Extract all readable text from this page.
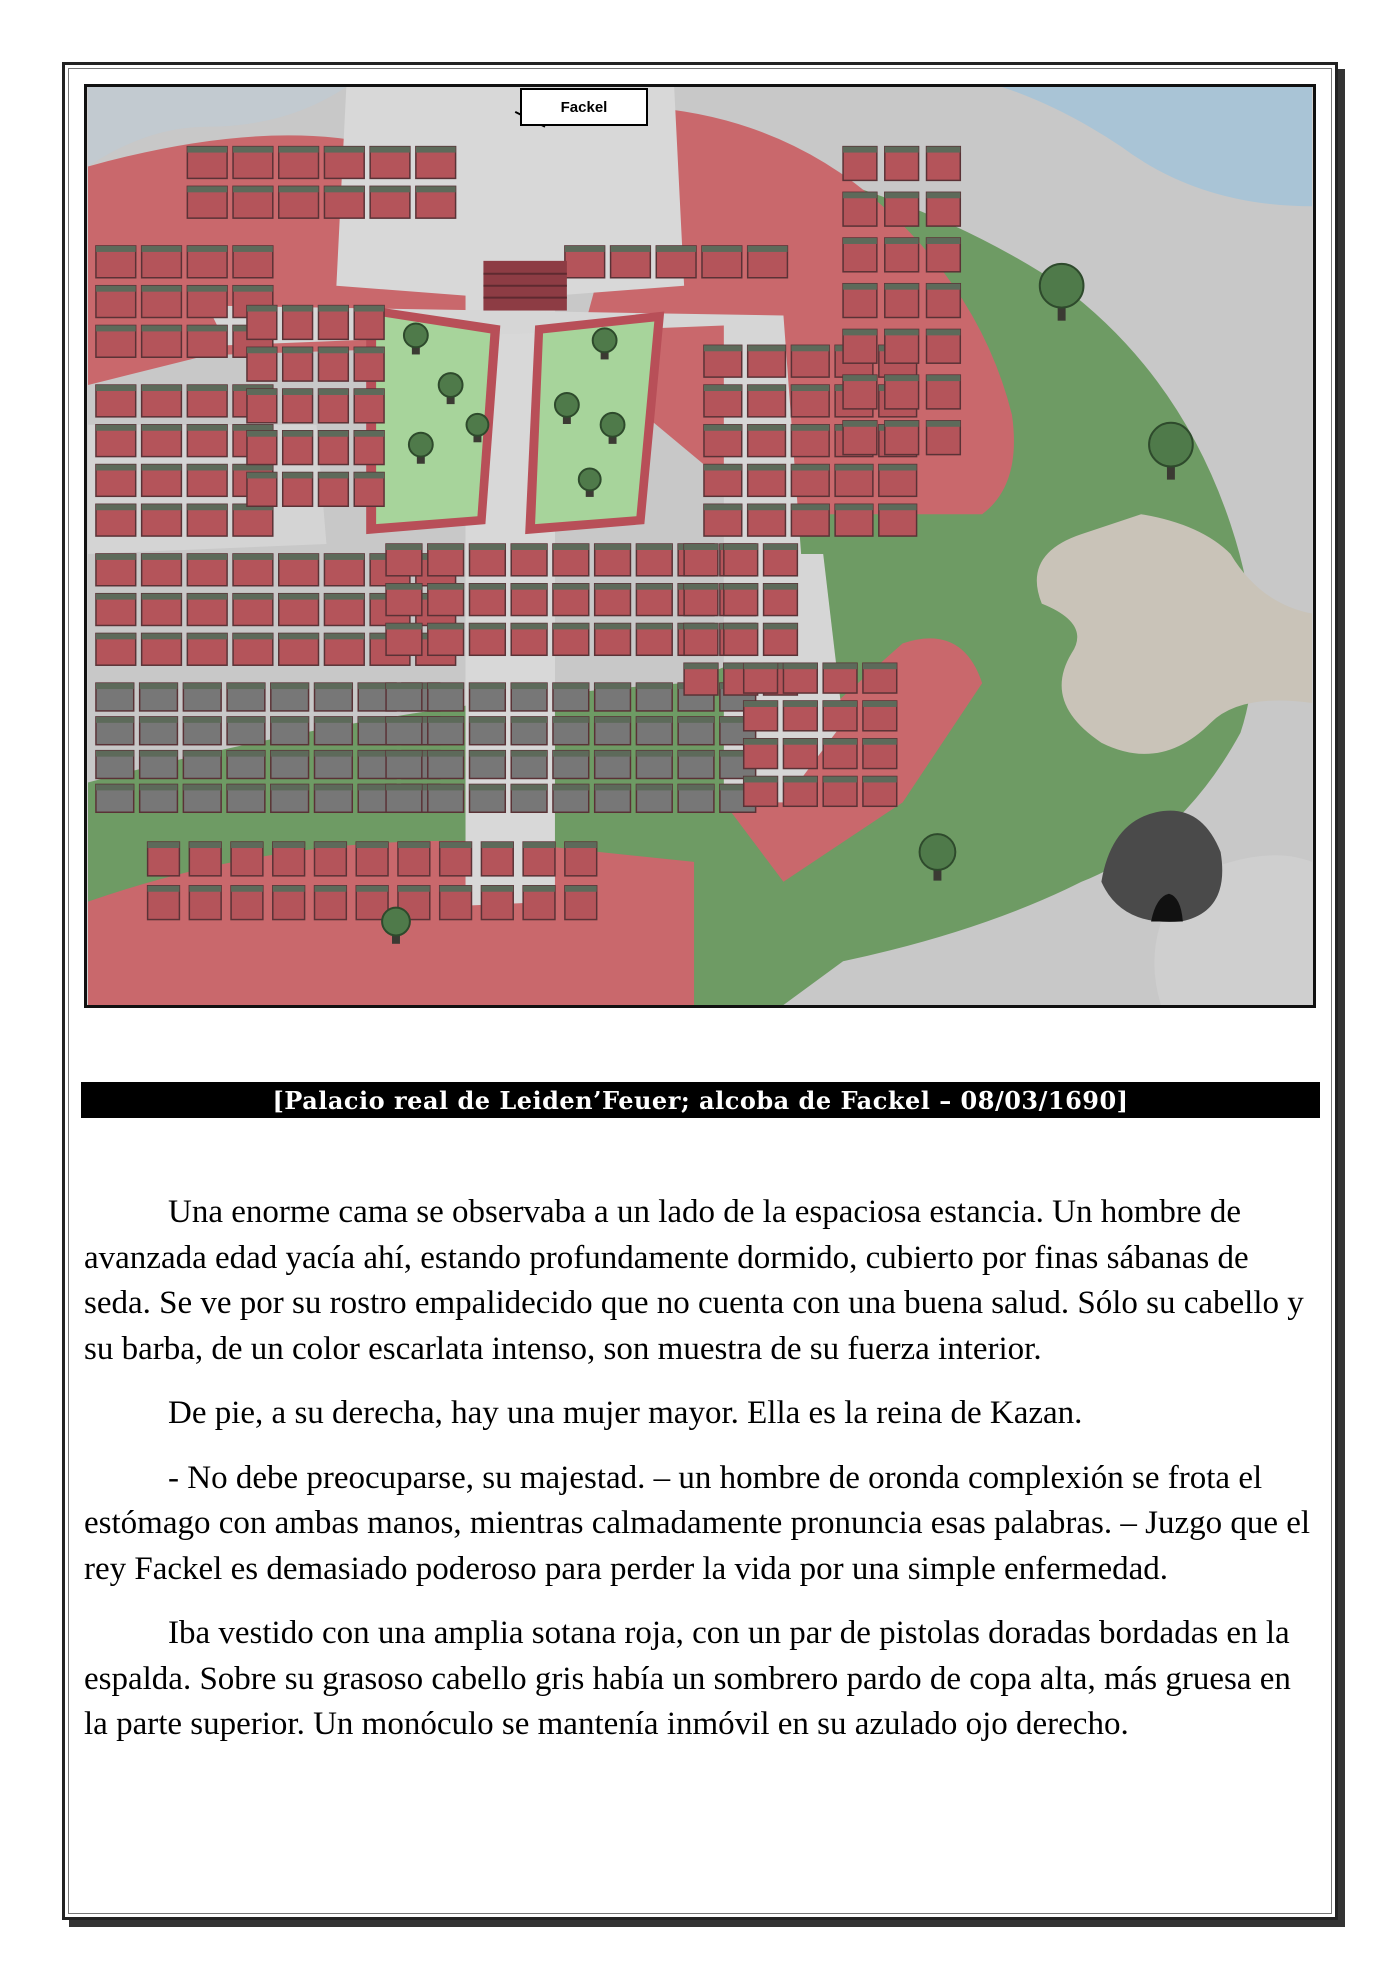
Fackel
[Palacio real de Leiden’Feuer; alcoba de Fackel – 08/03/1690]

Una enorme cama se observaba a un lado de la espaciosa estancia. Un hombre de avanzada edad yacía ahí, estando profundamente dormido, cubierto por finas sábanas de seda. Se ve por su rostro empalidecido que no cuenta con una buena salud. Sólo su cabello y su barba, de un color escarlata intenso, son muestra de su fuerza interior.

De pie, a su derecha, hay una mujer mayor. Ella es la reina de Kazan.

- No debe preocuparse, su majestad. – un hombre de oronda complexión se frota el estómago con ambas manos, mientras calmadamente pronuncia esas palabras. – Juzgo que el rey Fackel es demasiado poderoso para perder la vida por una simple enfermedad.

Iba vestido con una amplia sotana roja, con un par de pistolas doradas bordadas en la espalda. Sobre su grasoso cabello gris había un sombrero pardo de copa alta, más gruesa en la parte superior. Un monóculo se mantenía inmóvil en su azulado ojo derecho.
